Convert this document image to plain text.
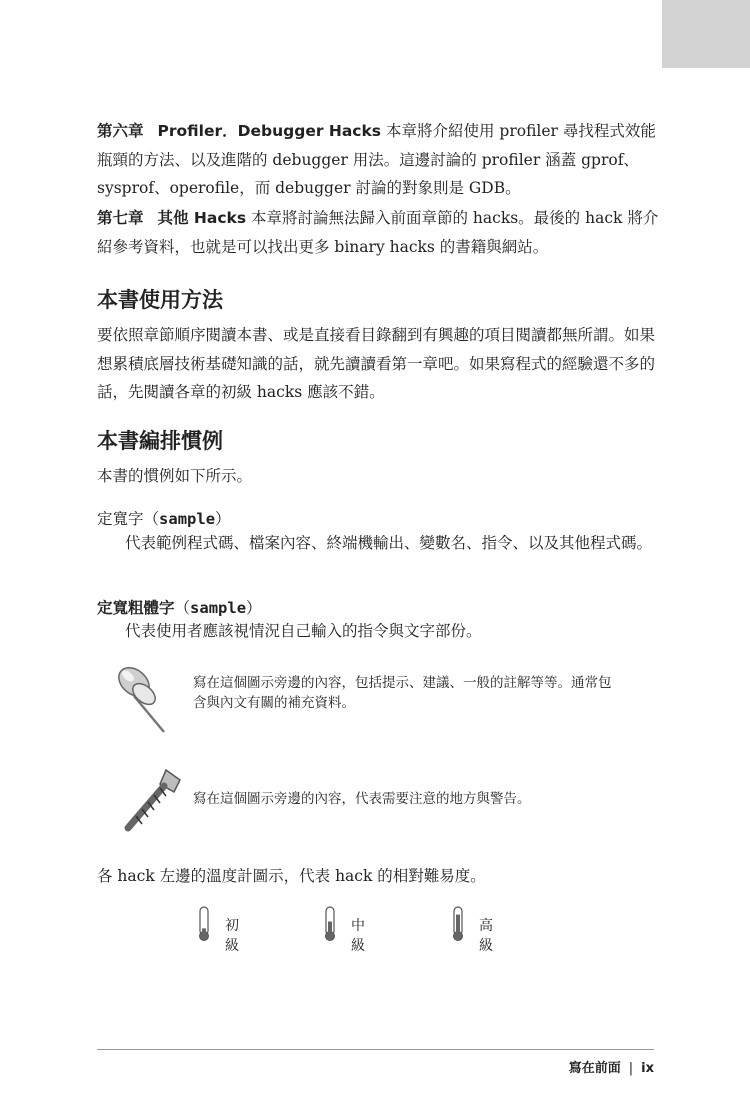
第六章 Profiler．Debugger Hacks 本章將介紹使用 profiler 尋找程式效能瓶頸的方法、以及進階的 debugger 用法。這邊討論的 profiler 涵蓋 gprof、sysprof、operofile，而 debugger 討論的對象則是 GDB。

第七章 其他 Hacks 本章將討論無法歸入前面章節的 hacks。最後的 hack 將介紹參考資料，也就是可以找出更多 binary hacks 的書籍與網站。

本書使用方法

要依照章節順序閱讀本書、或是直接看目錄翻到有興趣的項目閱讀都無所謂。如果想累積底層技術基礎知識的話，就先讀讀看第一章吧。如果寫程式的經驗還不多的話，先閱讀各章的初級 hacks 應該不錯。

本書編排慣例

本書的慣例如下所示。

定寬字（sample）

代表範例程式碼、檔案內容、終端機輸出、變數名、指令、以及其他程式碼。

定寬粗體字（sample）

代表使用者應該視情況自己輸入的指令與文字部份。

寫在這個圖示旁邊的內容，包括提示、建議、一般的註解等等。通常包含與內文有關的補充資料。

寫在這個圖示旁邊的內容，代表需要注意的地方與警告。

各 hack 左邊的溫度計圖示，代表 hack 的相對難易度。

初級
中級
高級
寫在前面 | ix
